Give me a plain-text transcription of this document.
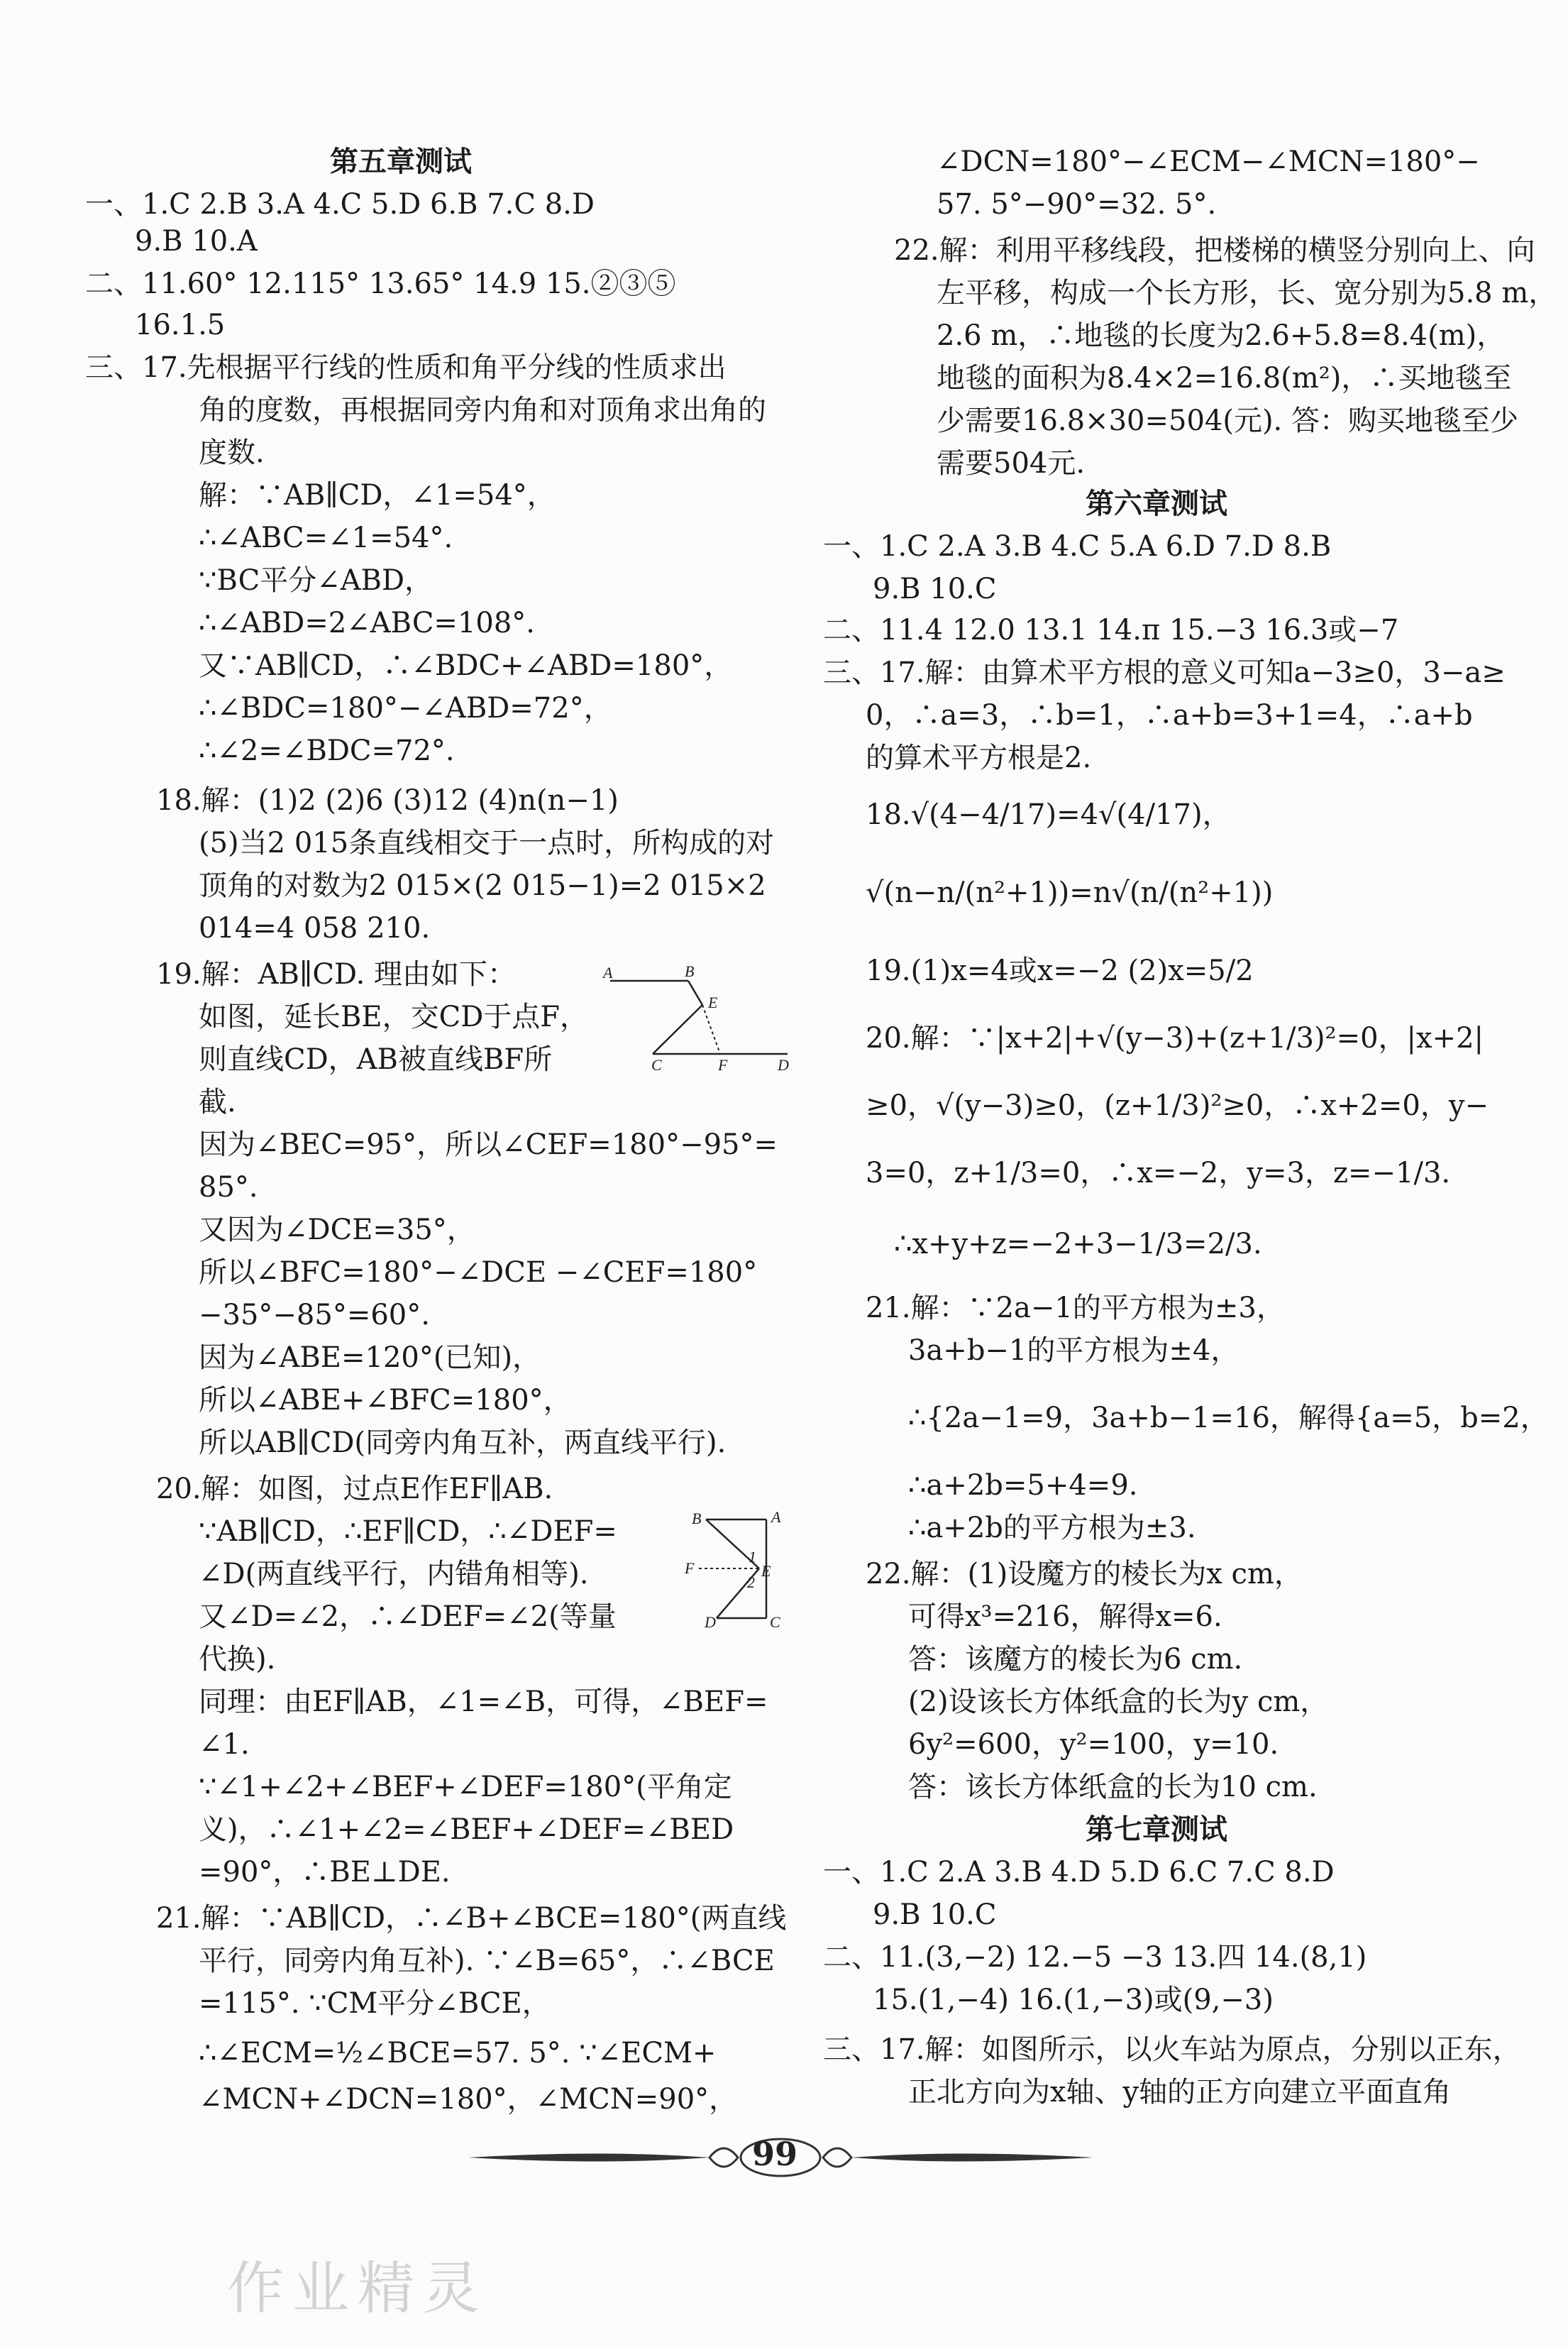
第五章测试
一、1.C 2.B 3.A 4.C 5.D 6.B 7.C 8.D
9.B 10.A
二、11.60° 12.115° 13.65° 14.9 15.②③⑤
16.1.5
三、17.先根据平行线的性质和角平分线的性质求出
角的度数，再根据同旁内角和对顶角求出角的
度数.
解：∵AB∥CD，∠1=54°，
∴∠ABC=∠1=54°.
∵BC平分∠ABD，
∴∠ABD=2∠ABC=108°.
又∵AB∥CD，∴∠BDC+∠ABD=180°，
∴∠BDC=180°−∠ABD=72°，
∴∠2=∠BDC=72°.
18.解：(1)2 (2)6 (3)12 (4)n(n−1)
(5)当2 015条直线相交于一点时，所构成的对
顶角的对数为2 015×(2 015−1)=2 015×2
014=4 058 210.
19.解：AB∥CD. 理由如下：
如图，延长BE，交CD于点F，
则直线CD，AB被直线BF所
截.
因为∠BEC=95°，所以∠CEF=180°−95°=
85°.
又因为∠DCE=35°，
所以∠BFC=180°−∠DCE −∠CEF=180°
−35°−85°=60°.
因为∠ABE=120°(已知)，
所以∠ABE+∠BFC=180°，
所以AB∥CD(同旁内角互补，两直线平行).
20.解：如图，过点E作EF∥AB.
∵AB∥CD，∴EF∥CD，∴∠DEF=
∠D(两直线平行，内错角相等).
又∠D=∠2，∴∠DEF=∠2(等量
代换).
同理：由EF∥AB，∠1=∠B，可得，∠BEF=
∠1.
∵∠1+∠2+∠BEF+∠DEF=180°(平角定
义)，∴∠1+∠2=∠BEF+∠DEF=∠BED
=90°，∴BE⊥DE.
21.解：∵AB∥CD，∴∠B+∠BCE=180°(两直线
平行，同旁内角互补). ∵∠B=65°，∴∠BCE
=115°. ∵CM平分∠BCE，
∴∠ECM=½∠BCE=57. 5°. ∵∠ECM+
∠MCN+∠DCN=180°，∠MCN=90°，
∠DCN=180°−∠ECM−∠MCN=180°−
57. 5°−90°=32. 5°.
22.解：利用平移线段，把楼梯的横竖分别向上、向
左平移，构成一个长方形，长、宽分别为5.8 m，
2.6 m，∴地毯的长度为2.6+5.8=8.4(m)，
地毯的面积为8.4×2=16.8(m²)，∴买地毯至
少需要16.8×30=504(元). 答：购买地毯至少
需要504元.
第六章测试
一、1.C 2.A 3.B 4.C 5.A 6.D 7.D 8.B
9.B 10.C
二、11.4 12.0 13.1 14.π 15.−3 16.3或−7
三、17.解：由算术平方根的意义可知a−3≥0，3−a≥
0，∴a=3，∴b=1，∴a+b=3+1=4，∴a+b
的算术平方根是2.
18.√(4−4/17)=4√(4/17)，
√(n−n/(n²+1))=n√(n/(n²+1))
19.(1)x=4或x=−2 (2)x=5/2
20.解：∵|x+2|+√(y−3)+(z+1/3)²=0，|x+2|
≥0，√(y−3)≥0，(z+1/3)²≥0，∴x+2=0，y−
3=0，z+1/3=0，∴x=−2，y=3，z=−1/3.
∴x+y+z=−2+3−1/3=2/3.
21.解：∵2a−1的平方根为±3，
3a+b−1的平方根为±4，
∴{2a−1=9，3a+b−1=16，解得{a=5，b=2，
∴a+2b=5+4=9.
∴a+2b的平方根为±3.
22.解：(1)设魔方的棱长为x cm，
可得x³=216，解得x=6.
答：该魔方的棱长为6 cm.
(2)设该长方体纸盒的长为y cm，
6y²=600，y²=100，y=10.
答：该长方体纸盒的长为10 cm.
第七章测试
一、1.C 2.A 3.B 4.D 5.D 6.C 7.C 8.D
9.B 10.C
二、11.(3,−2) 12.−5 −3 13.四 14.(8,1)
15.(1,−4) 16.(1,−3)或(9,−3)
三、17.解：如图所示，以火车站为原点，分别以正东，
正北方向为x轴、y轴的正方向建立平面直角
A	B
E
C	F	D
B	A
1
E
F
2
D	C
99
作业精灵
